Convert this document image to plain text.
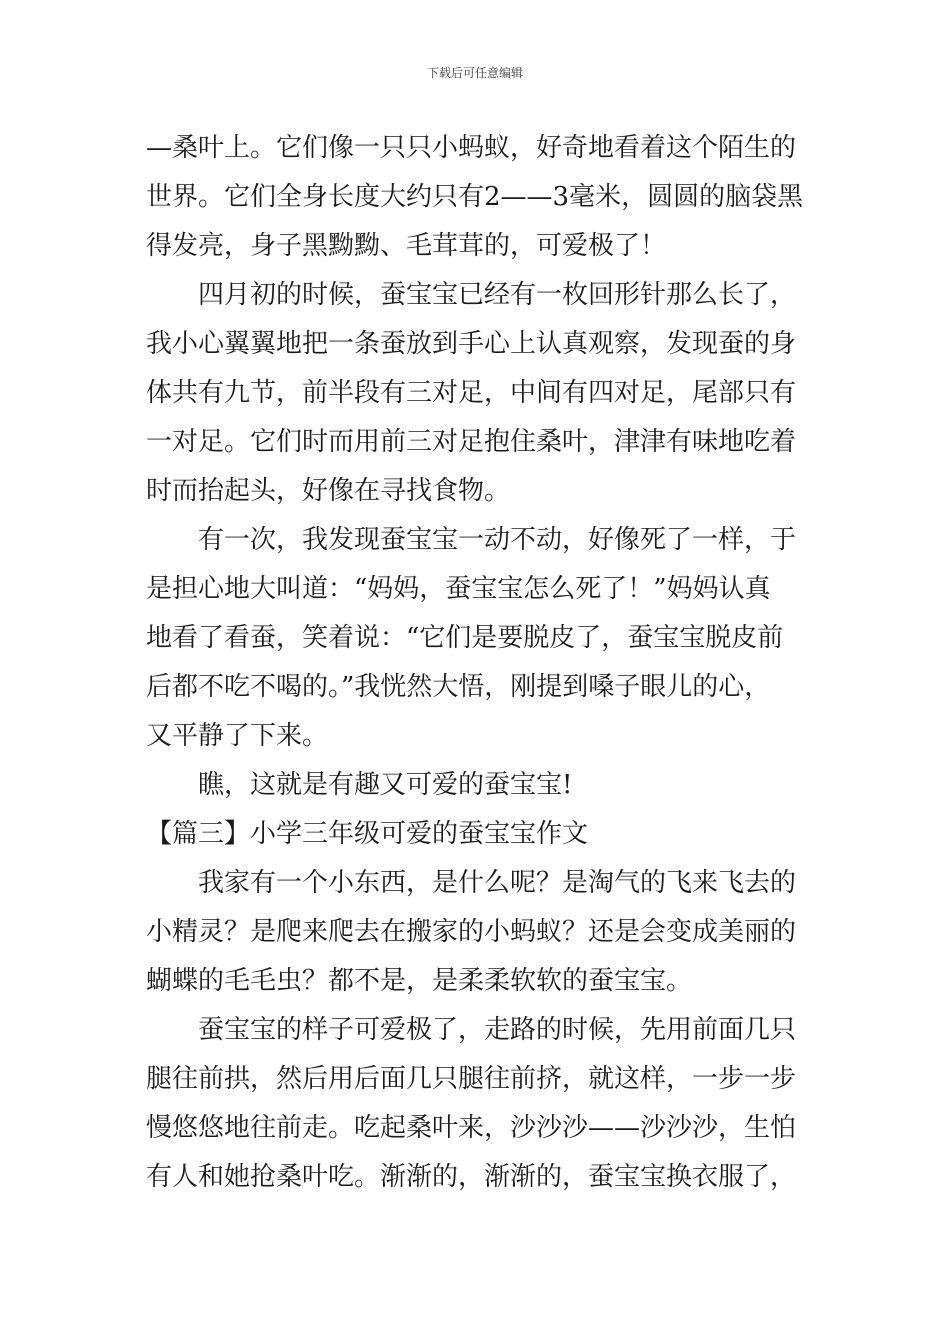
下载后可任意编辑
—桑叶上。它们像一只只小蚂蚁，好奇地看着这个陌生的
世界。它们全身长度大约只有2——3毫米，圆圆的脑袋黑
得发亮，身子黑黝黝、毛茸茸的，可爱极了！
四月初的时候，蚕宝宝已经有一枚回形针那么长了，
我小心翼翼地把一条蚕放到手心上认真观察，发现蚕的身
体共有九节，前半段有三对足，中间有四对足，尾部只有
一对足。它们时而用前三对足抱住桑叶，津津有味地吃着
时而抬起头，好像在寻找食物。
有一次，我发现蚕宝宝一动不动，好像死了一样，于
是担心地大叫道：“妈妈，蚕宝宝怎么死了！”妈妈认真
地看了看蚕，笑着说：“它们是要脱皮了，蚕宝宝脱皮前
后都不吃不喝的。”我恍然大悟，刚提到嗓子眼儿的心，
又平静了下来。
瞧，这就是有趣又可爱的蚕宝宝!
【篇三】小学三年级可爱的蚕宝宝作文
我家有一个小东西，是什么呢？是淘气的飞来飞去的
小精灵？是爬来爬去在搬家的小蚂蚁？还是会变成美丽的
蝴蝶的毛毛虫？都不是，是柔柔软软的蚕宝宝。
蚕宝宝的样子可爱极了，走路的时候，先用前面几只
腿往前拱，然后用后面几只腿往前挤，就这样，一步一步
慢悠悠地往前走。吃起桑叶来，沙沙沙——沙沙沙，生怕
有人和她抢桑叶吃。渐渐的，渐渐的，蚕宝宝换衣服了，
